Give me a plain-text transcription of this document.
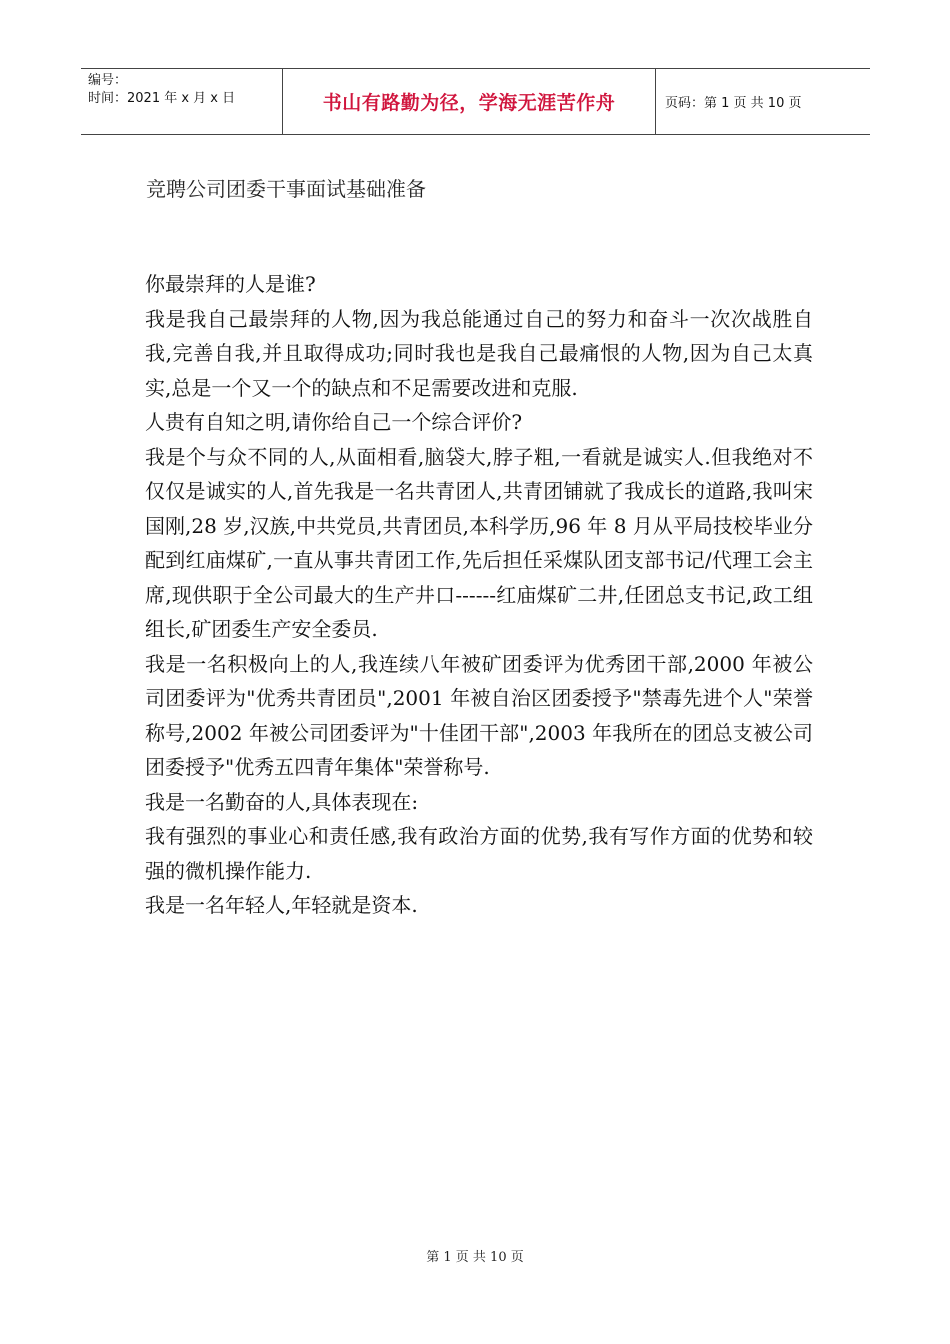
编号：
时间：2021 年 x 月 x 日	书山有路勤为径，学海无涯苦作舟	页码：第 1 页 共 10 页
竞聘公司团委干事面试基础准备

你最崇拜的人是谁?

我是我自己最崇拜的人物,因为我总能通过自己的努力和奋斗一次次战胜自我,完善自我,并且取得成功;同时我也是我自己最痛恨的人物,因为自己太真实,总是一个又一个的缺点和不足需要改进和克服.

人贵有自知之明,请你给自己一个综合评价?

我是个与众不同的人,从面相看,脑袋大,脖子粗,一看就是诚实人.但我绝对不仅仅是诚实的人,首先我是一名共青团人,共青团铺就了我成长的道路,我叫宋国刚,28 岁,汉族,中共党员,共青团员,本科学历,96 年 8 月从平局技校毕业分配到红庙煤矿,一直从事共青团工作,先后担任采煤队团支部书记/代理工会主席,现供职于全公司最大的生产井口------红庙煤矿二井,任团总支书记,政工组组长,矿团委生产安全委员.

我是一名积极向上的人,我连续八年被矿团委评为优秀团干部,2000 年被公司团委评为"优秀共青团员",2001 年被自治区团委授予"禁毒先进个人"荣誉称号,2002 年被公司团委评为"十佳团干部",2003 年我所在的团总支被公司团委授予"优秀五四青年集体"荣誉称号.

我是一名勤奋的人,具体表现在:

我有强烈的事业心和责任感,我有政治方面的优势,我有写作方面的优势和较强的微机操作能力.

我是一名年轻人,年轻就是资本.

第 1 页 共 10 页
